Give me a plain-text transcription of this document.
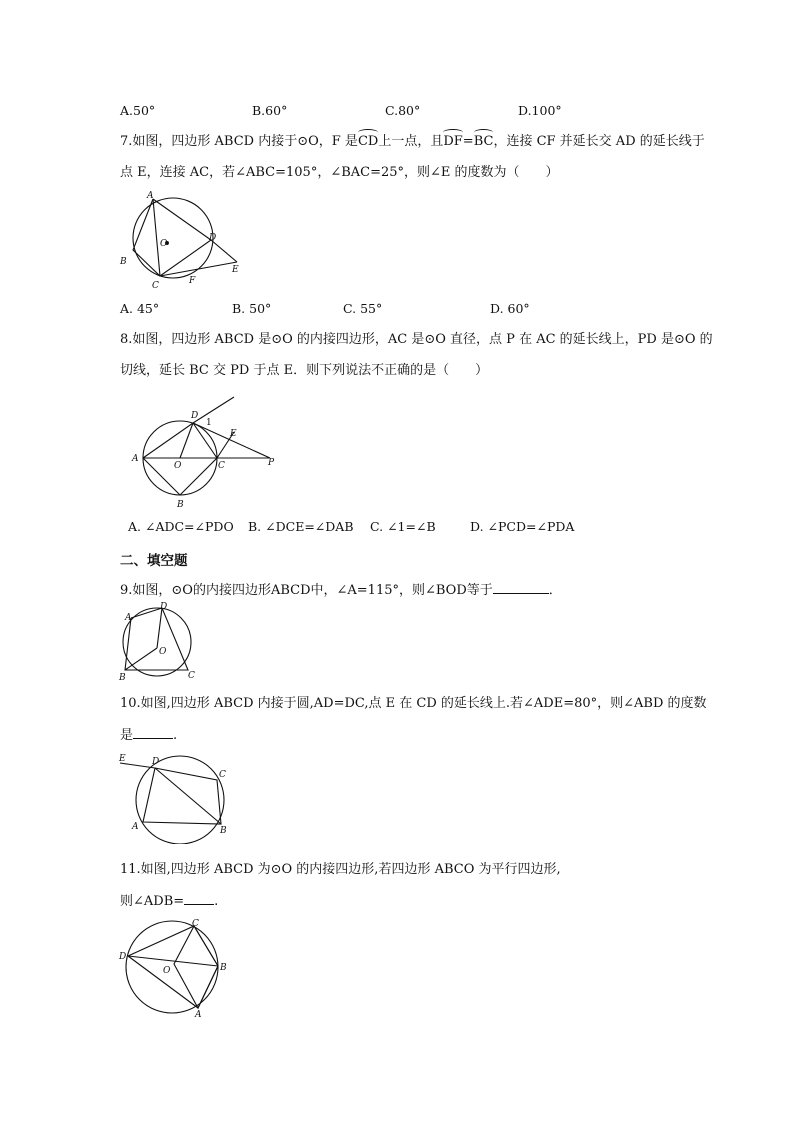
A.50°	B.60°	C.80°	D.100°
7.如图，四边形 ABCD 内接于⊙O，F 是
CD上一点，且
DF=
BC，连接 CF 并延长交 AD 的延长线于
点 E，连接 AC，若∠ABC=105°，∠BAC=25°，则∠E 的度数为（　　）
A
B
C
D
E
F
O
A. 45°	B. 50°	C. 55°	D. 60°
8.如图，四边形 ABCD 是⊙O 的内接四边形，AC 是⊙O 直径，点 P 在 AC 的延长线上，PD 是⊙O 的
切线，延长 BC 交 PD 于点 E．则下列说法不正确的是（　　）
A
B
C
D
E
O	P
1
A. ∠ADC=∠PDO B. ∠DCE=∠DAB C. ∠1=∠B	D. ∠PCD=∠PDA
二、填空题
9.如图，⊙O的内接四边形ABCD中，∠A=115°，则∠BOD等于	．
A
B	C
D
O
10.如图,四边形 ABCD 内接于圆,AD=DC,点 E 在 CD 的延长线上.若∠ADE=80°，则∠ABD 的度数
是	.
E	D
C
A	B
11.如图,四边形 ABCD 为⊙O 的内接四边形,若四边形 ABCO 为平行四边形,
则∠ADB= .
C
D
B
A
O
